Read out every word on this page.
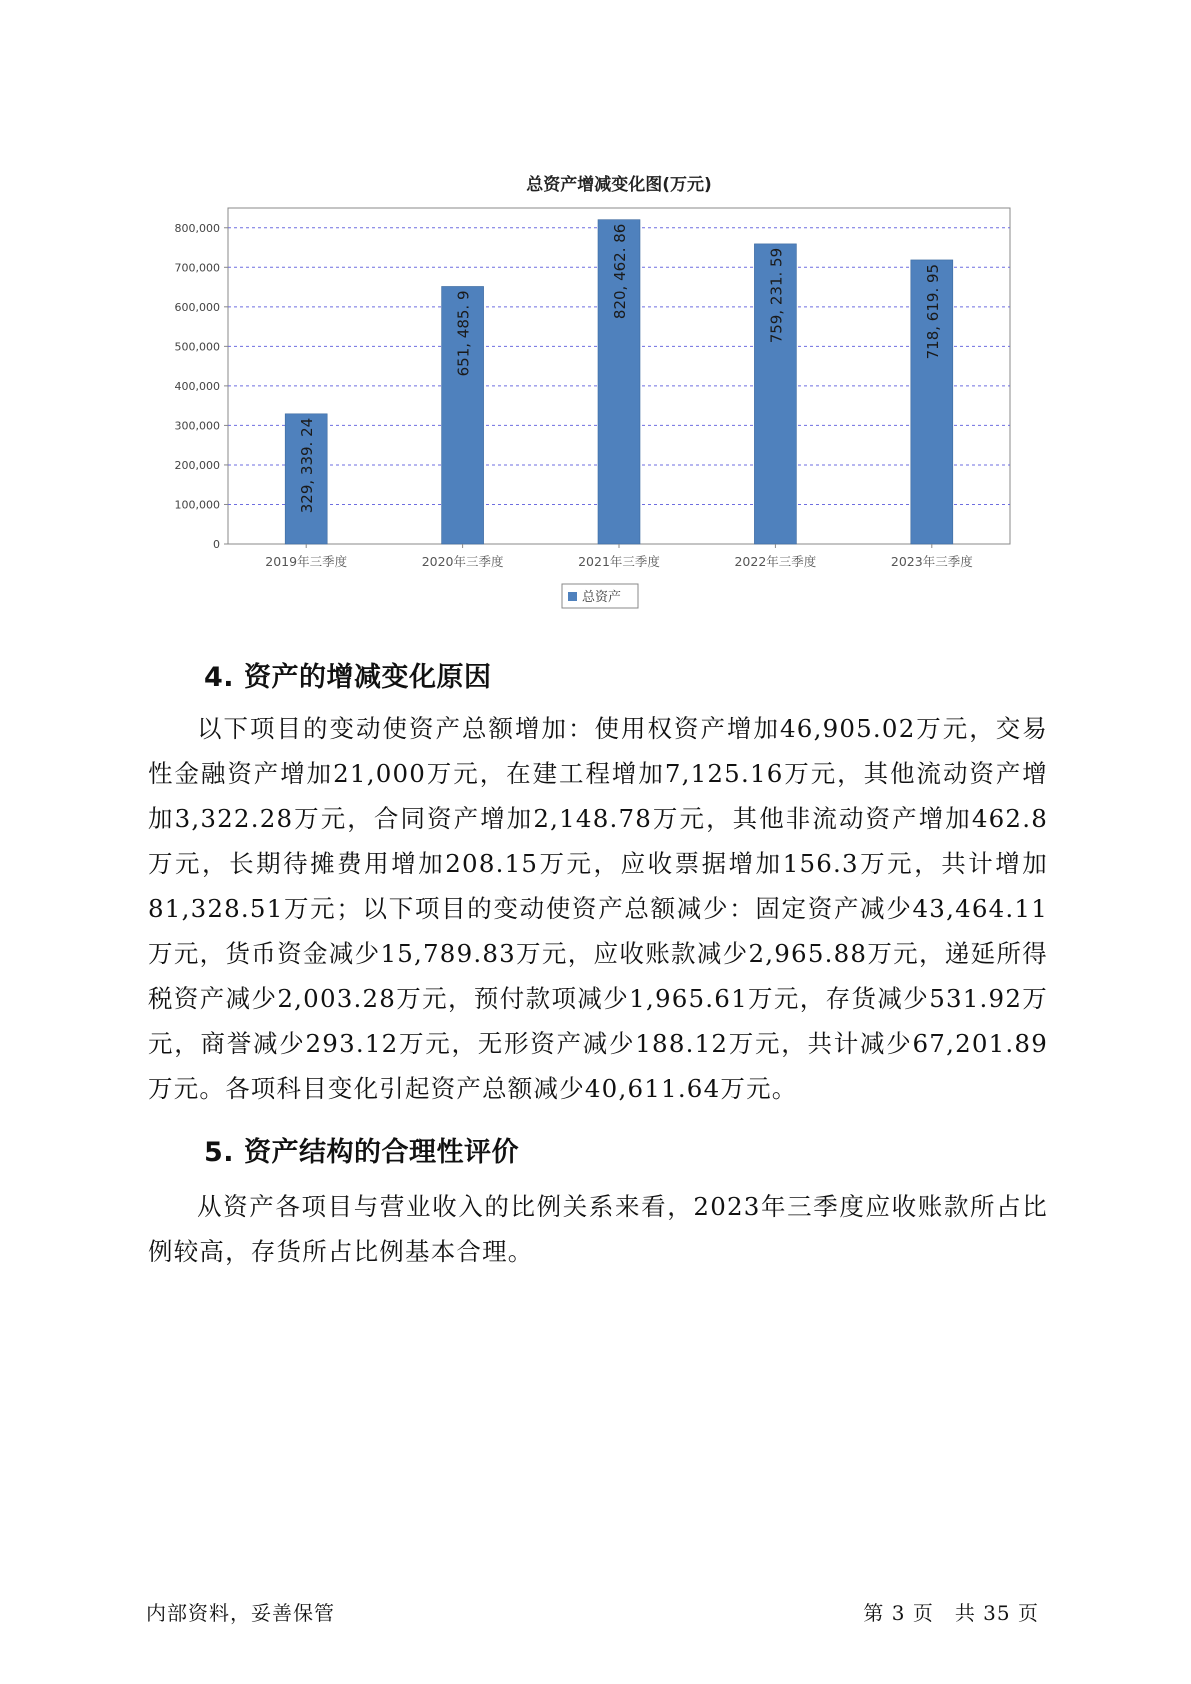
总资产增减变化图(万元)
0
100,000
200,000
300,000
400,000
500,000
600,000
700,000
800,000
329, 339. 24
2019年三季度
651, 485. 9
2020年三季度
820, 462. 86
2021年三季度
759, 231. 59
2022年三季度
718, 619. 95
2023年三季度
总资产
4. 资产的增减变化原因

以下项目的变动使资产总额增加：使用权资产增加46,905.02万元，交易性金融资产增加21,000万元，在建工程增加7,125.16万元，其他流动资产增加3,322.28万元，合同资产增加2,148.78万元，其他非流动资产增加462.8万元，长期待摊费用增加208.15万元，应收票据增加156.3万元，共计增加81,328.51万元；以下项目的变动使资产总额减少：固定资产减少43,464.11万元，货币资金减少15,789.83万元，应收账款减少2,965.88万元，递延所得税资产减少2,003.28万元，预付款项减少1,965.61万元，存货减少531.92万元，商誉减少293.12万元，无形资产减少188.12万元，共计减少67,201.89万元。各项科目变化引起资产总额减少40,611.64万元。

5. 资产结构的合理性评价

从资产各项目与营业收入的比例关系来看，2023年三季度应收账款所占比例较高，存货所占比例基本合理。

内部资料，妥善保管	第 3 页　共 35 页
